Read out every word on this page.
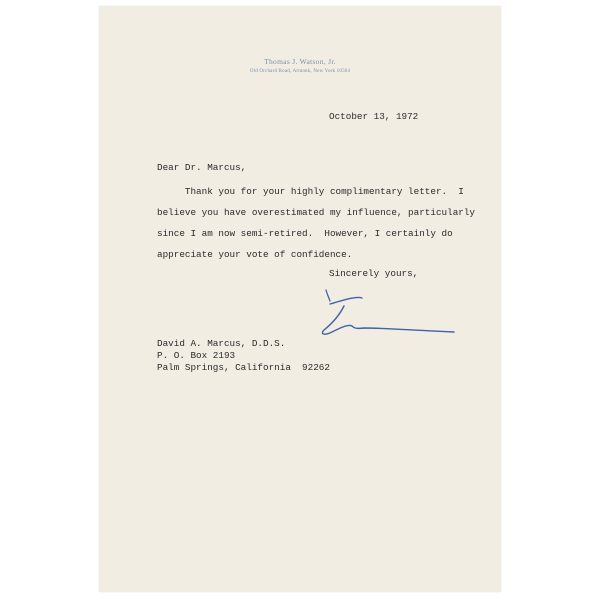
Thomas J. Watson, Jr.
Old Orchard Road, Armonk, New York 10504
October 13, 1972
Dear Dr. Marcus,
Thank you for your highly complimentary letter.  I
believe you have overestimated my influence, particularly
since I am now semi-retired.  However, I certainly do
appreciate your vote of confidence.
Sincerely yours,
David A. Marcus, D.D.S.
P. O. Box 2193
Palm Springs, California  92262
